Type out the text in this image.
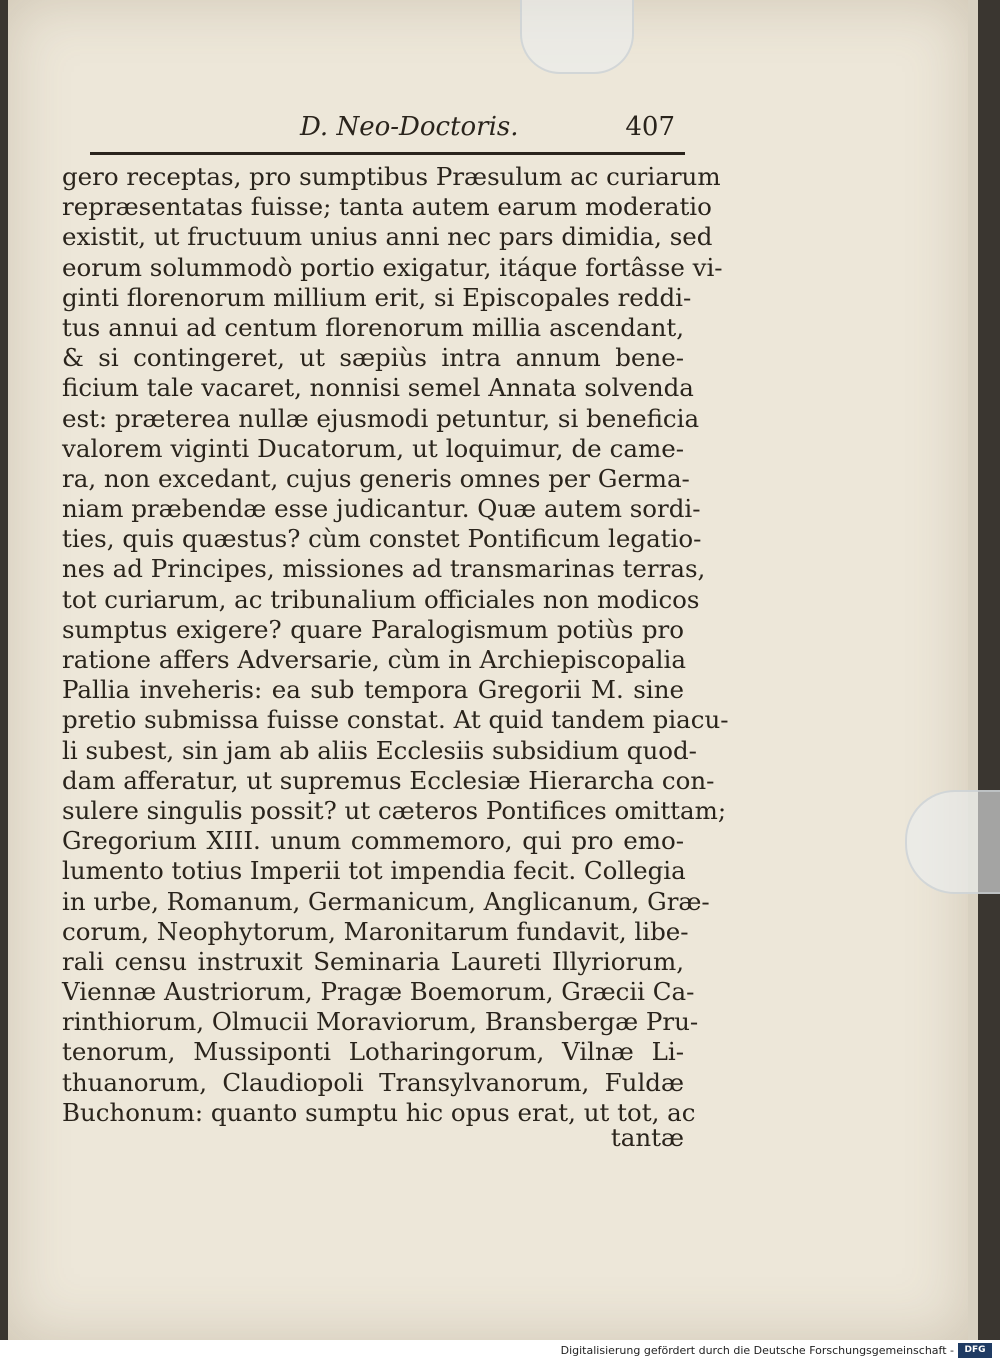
D. Neo-Doctoris.	407
gero receptas, pro sumptibus Præsulum ac curiarum
repræsentatas fuisse; tanta autem earum moderatio
existit, ut fructuum unius anni nec pars dimidia, sed
eorum solummodò portio exigatur, itáque fortâsse vi-
ginti florenorum millium erit, si Episcopales reddi-
tus annui ad centum florenorum millia ascendant,
& si contingeret, ut sæpiùs intra annum bene-
ficium tale vacaret, nonnisi semel Annata solvenda
est: præterea nullæ ejusmodi petuntur, si beneficia
valorem viginti Ducatorum, ut loquimur, de came-
ra, non excedant, cujus generis omnes per Germa-
niam præbendæ esse judicantur. Quæ autem sordi-
ties, quis quæstus? cùm constet Pontificum legatio-
nes ad Principes, missiones ad transmarinas terras,
tot curiarum, ac tribunalium officiales non modicos
sumptus exigere? quare Paralogismum potiùs pro
ratione affers Adversarie, cùm in Archiepiscopalia
Pallia inveheris: ea sub tempora Gregorii M. sine
pretio submissa fuisse constat. At quid tandem piacu-
li subest, sin jam ab aliis Ecclesiis subsidium quod-
dam afferatur, ut supremus Ecclesiæ Hierarcha con-
sulere singulis possit? ut cæteros Pontifices omittam;
Gregorium XIII. unum commemoro, qui pro emo-
lumento totius Imperii tot impendia fecit. Collegia
in urbe, Romanum, Germanicum, Anglicanum, Græ-
corum, Neophytorum, Maronitarum fundavit, libe-
rali censu instruxit Seminaria Laureti Illyriorum,
Viennæ Austriorum, Pragæ Boemorum, Græcii Ca-
rinthiorum, Olmucii Moraviorum, Bransbergæ Pru-
tenorum, Mussiponti Lotharingorum, Vilnæ Li-
thuanorum, Claudiopoli Transylvanorum, Fuldæ
Buchonum: quanto sumptu hic opus erat, ut tot, ac
tantæ
Digitalisierung gefördert durch die Deutsche Forschungsgemeinschaft -	DFG
